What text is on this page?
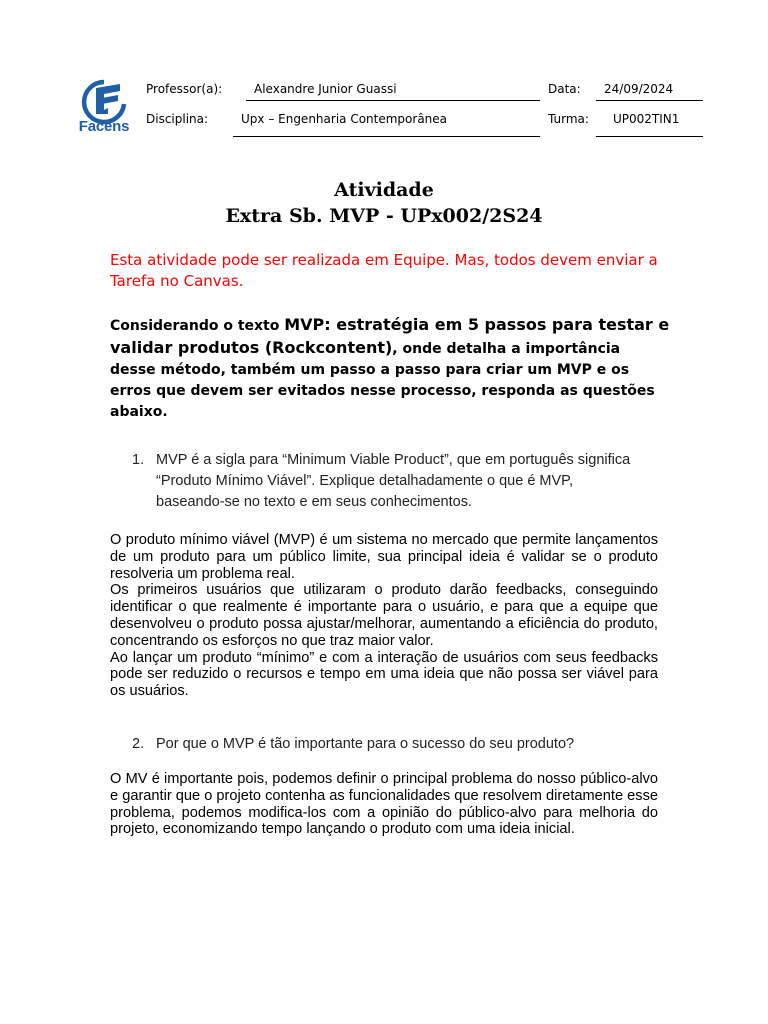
Facens
Professor(a):	Alexandre Junior Guassi	Data: 24/09/2024
Disciplina:	Upx – Engenharia Contemporânea	Turma: UP002TIN1
Atividade
Extra Sb. MVP - UPx002/2S24
Esta atividade pode ser realizada em Equipe. Mas, todos devem enviar a Tarefa no Canvas.
Considerando o texto MVP: estratégia em 5 passos para testar e validar produtos (Rockcontent), onde detalha a importância desse método, também um passo a passo para criar um MVP e os erros que devem ser evitados nesse processo, responda as questões abaixo.
1. MVP é a sigla para “Minimum Viable Product”, que em português significa “Produto Mínimo Viável”. Explique detalhadamente o que é MVP, baseando-se no texto e em seus conhecimentos.

O produto mínimo viável (MVP) é um sistema no mercado que permite lançamentos de um produto para um público limite, sua principal ideia é validar se o produto resolveria um problema real.

Os primeiros usuários que utilizaram o produto darão feedbacks, conseguindo identificar o que realmente é importante para o usuário, e para que a equipe que desenvolveu o produto possa ajustar/melhorar, aumentando a eficiência do produto, concentrando os esforços no que traz maior valor.

Ao lançar um produto “mínimo” e com a interação de usuários com seus feedbacks pode ser reduzido o recursos e tempo em uma ideia que não possa ser viável para os usuários.

2. Por que o MVP é tão importante para o sucesso do seu produto?

O MV é importante pois, podemos definir o principal problema do nosso público-alvo e garantir que o projeto contenha as funcionalidades que resolvem diretamente esse problema, podemos modifica-los com a opinião do público-alvo para melhoria do projeto, economizando tempo lançando o produto com uma ideia inicial.
